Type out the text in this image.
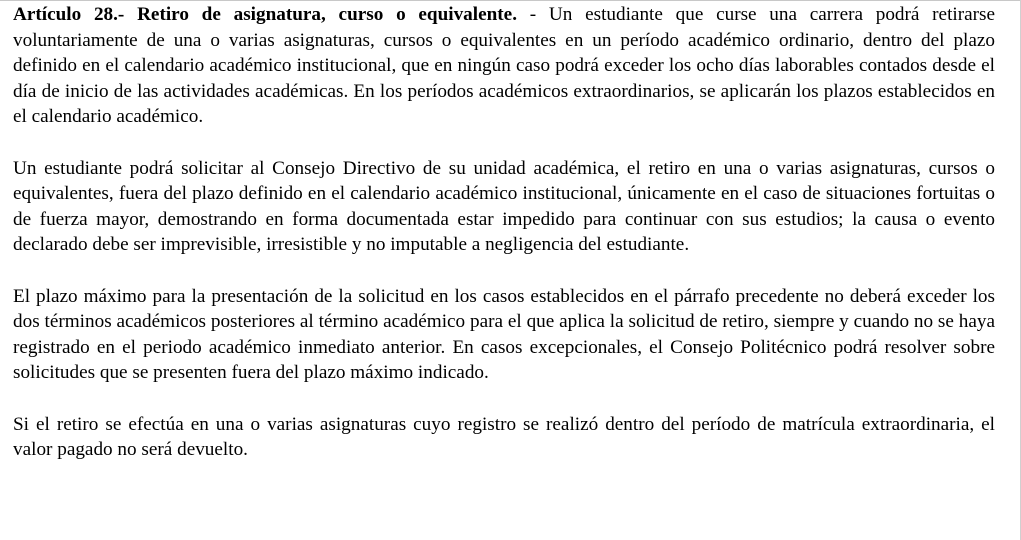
Artículo 28.- Retiro de asignatura, curso o equivalente. - Un estudiante que curse una carrera podrá retirarse voluntariamente de una o varias asignaturas, cursos o equivalentes en un período académico ordinario, dentro del plazo definido en el calendario académico institucional, que en ningún caso podrá exceder los ocho días laborables contados desde el día de inicio de las actividades académicas. En los períodos académicos extraordinarios, se aplicarán los plazos establecidos en el calendario académico.

Un estudiante podrá solicitar al Consejo Directivo de su unidad académica, el retiro en una o varias asignaturas, cursos o equivalentes, fuera del plazo definido en el calendario académico institucional, únicamente en el caso de situaciones fortuitas o de fuerza mayor, demostrando en forma documentada estar impedido para continuar con sus estudios; la causa o evento declarado debe ser imprevisible, irresistible y no imputable a negligencia del estudiante.

El plazo máximo para la presentación de la solicitud en los casos establecidos en el párrafo precedente no deberá exceder los dos términos académicos posteriores al término académico para el que aplica la solicitud de retiro, siempre y cuando no se haya registrado en el periodo académico inmediato anterior. En casos excepcionales, el Consejo Politécnico podrá resolver sobre solicitudes que se presenten fuera del plazo máximo indicado.

Si el retiro se efectúa en una o varias asignaturas cuyo registro se realizó dentro del período de matrícula extraordinaria, el valor pagado no será devuelto.
